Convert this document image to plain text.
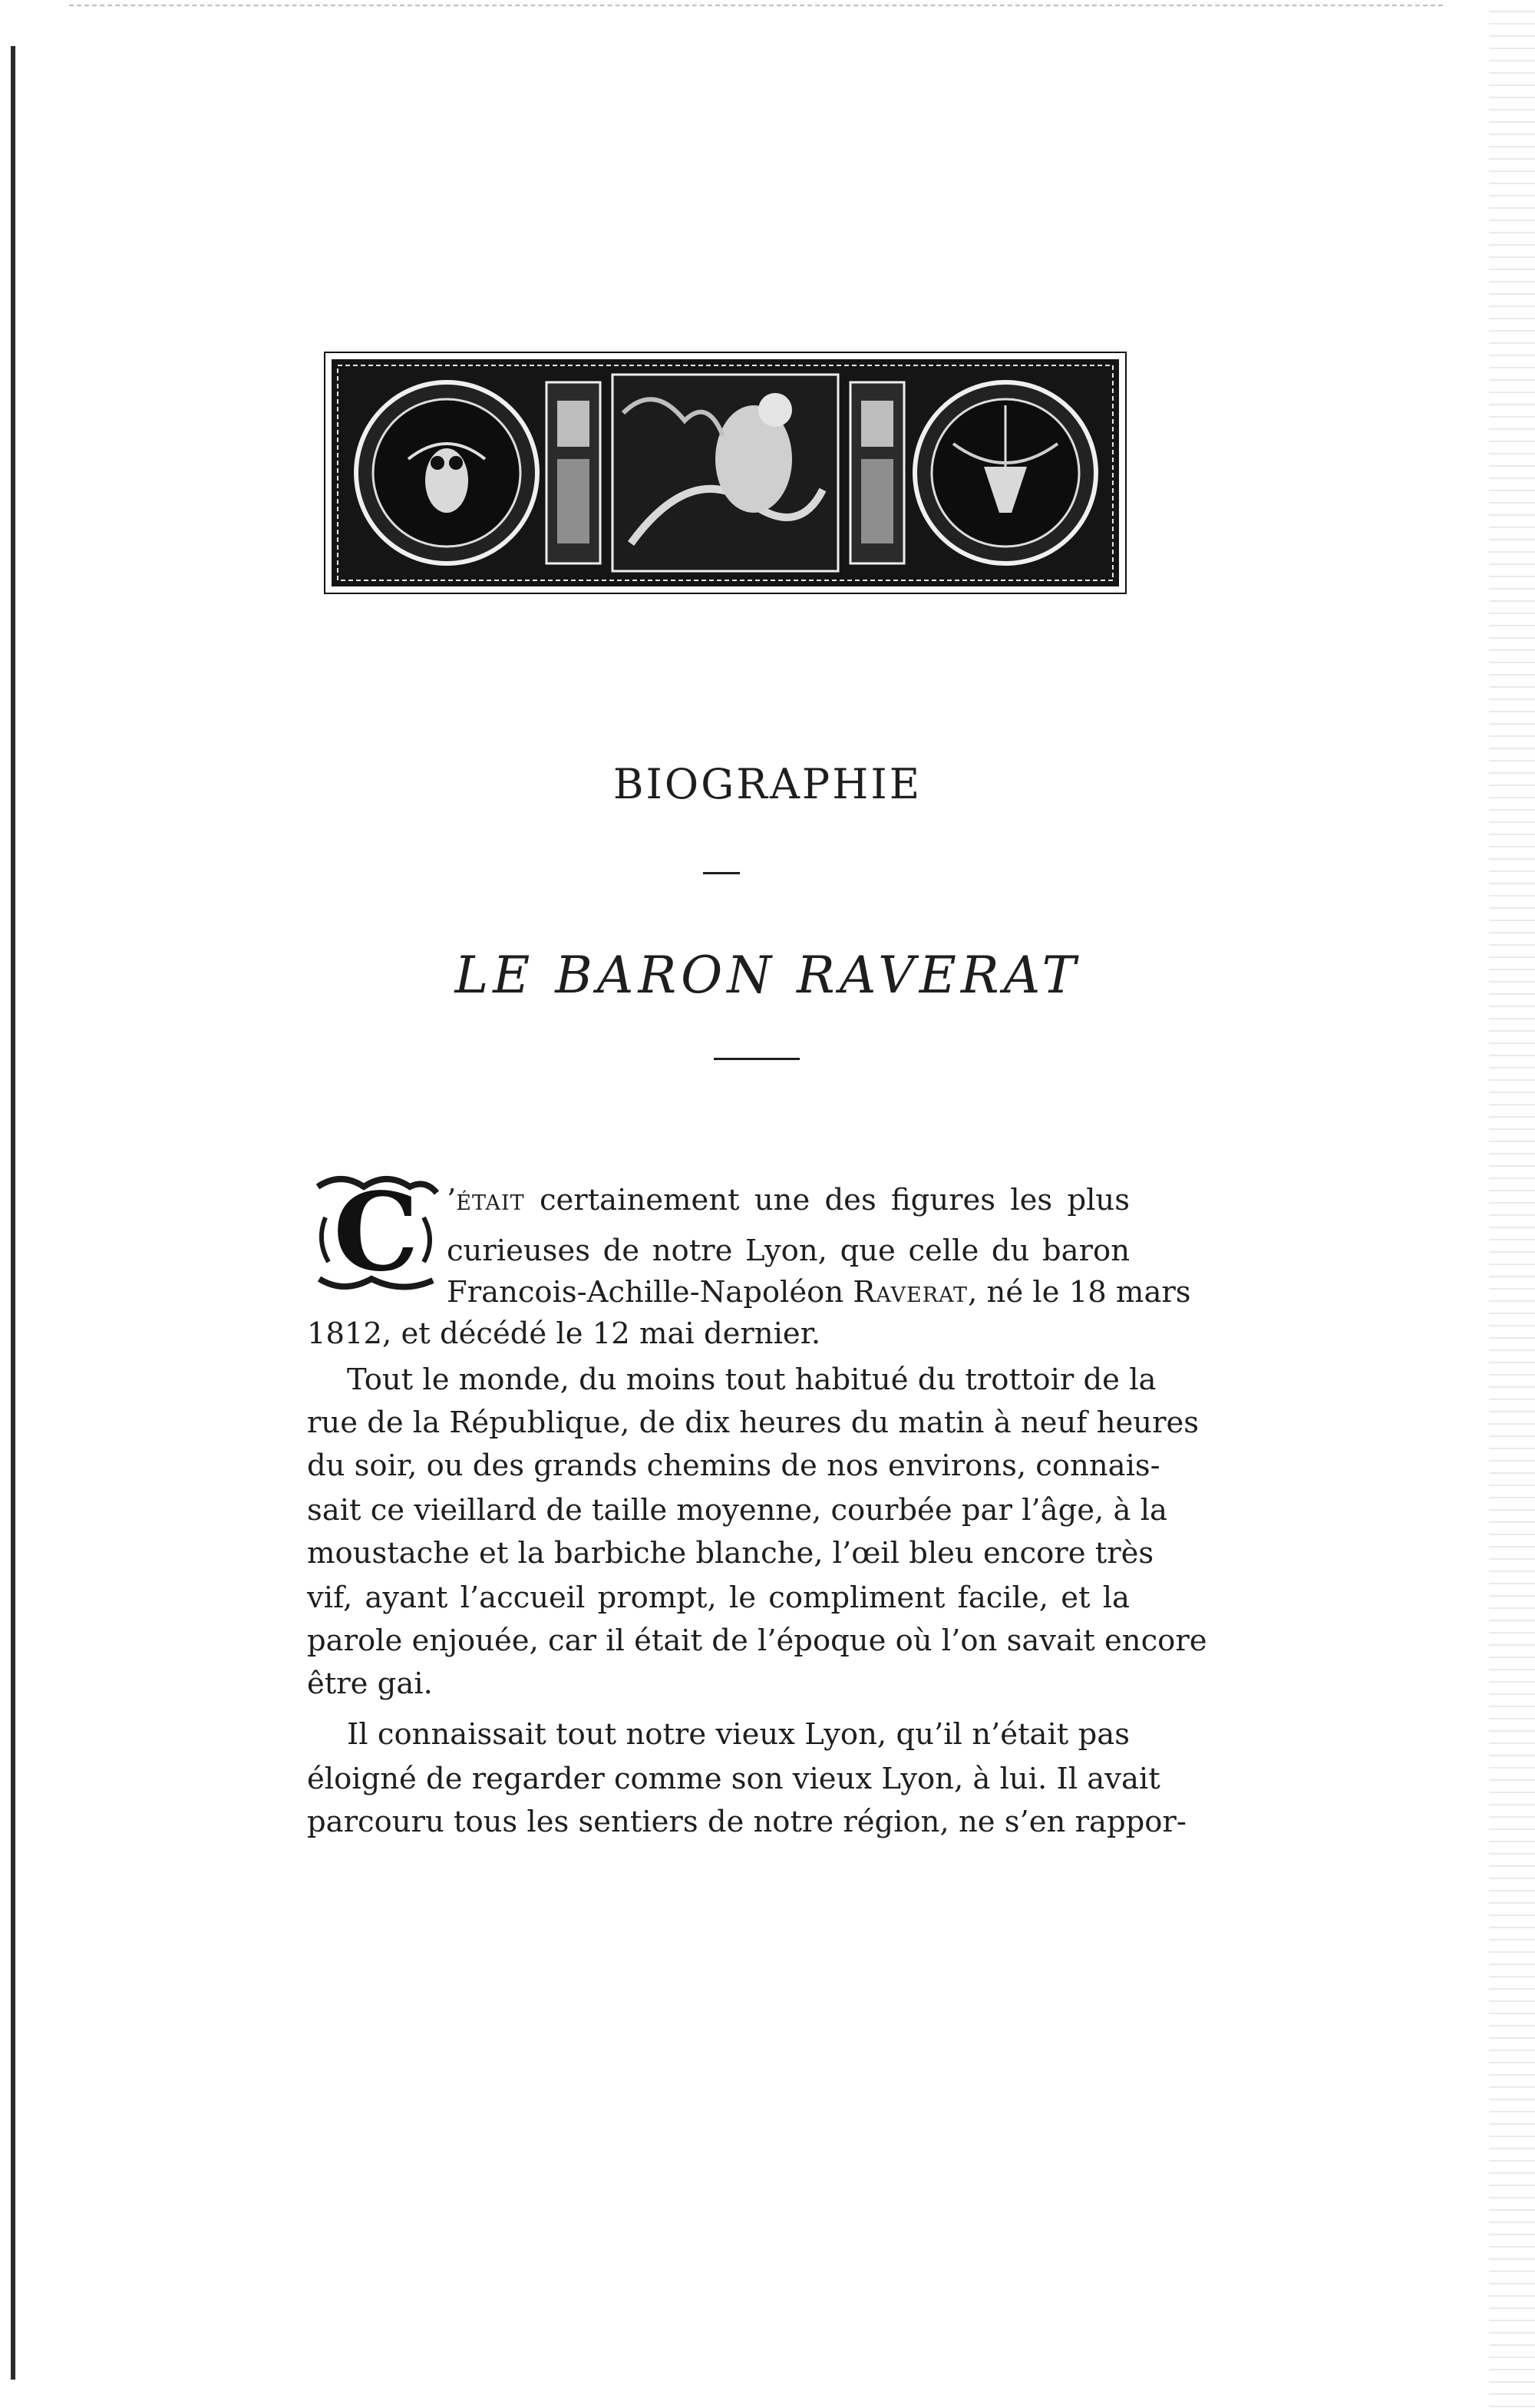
BIOGRAPHIE
LE BARON RAVERAT
C ’était certainement une des figures les plus

curieuses de notre Lyon, que celle du baron

Francois-Achille-Napoléon Raverat, né le 18 mars

1812, et décédé le 12 mai dernier.

Tout le monde, du moins tout habitué du trottoir de la

rue de la République, de dix heures du matin à neuf heures

du soir, ou des grands chemins de nos environs, connais-

sait ce vieillard de taille moyenne, courbée par l’âge, à la

moustache et la barbiche blanche, l’œil bleu encore très

vif, ayant l’accueil prompt, le compliment facile, et la

parole enjouée, car il était de l’époque où l’on savait encore

être gai.

Il connaissait tout notre vieux Lyon, qu’il n’était pas

éloigné de regarder comme son vieux Lyon, à lui. Il avait

parcouru tous les sentiers de notre région, ne s’en rappor-
